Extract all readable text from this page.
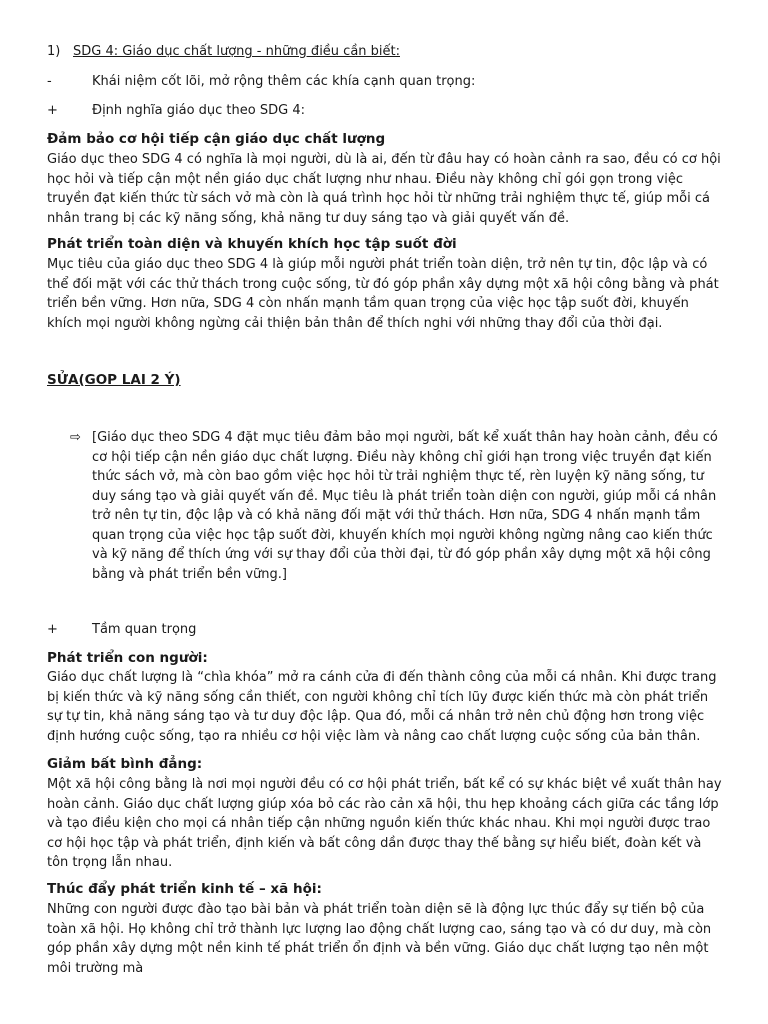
1) SDG 4: Giáo dục chất lượng - những điều cần biết:
-	Khái niệm cốt lõi, mở rộng thêm các khía cạnh quan trọng:
+	Định nghĩa giáo dục theo SDG 4:
Đảm bảo cơ hội tiếp cận giáo dục chất lượng
Giáo dục theo SDG 4 có nghĩa là mọi người, dù là ai, đến từ đâu hay có hoàn cảnh ra sao, đều có cơ hội học hỏi và tiếp cận một nền giáo dục chất lượng như nhau. Điều này không chỉ gói gọn trong việc truyền đạt kiến thức từ sách vở mà còn là quá trình học hỏi từ những trải nghiệm thực tế, giúp mỗi cá nhân trang bị các kỹ năng sống, khả năng tư duy sáng tạo và giải quyết vấn đề.
Phát triển toàn diện và khuyến khích học tập suốt đời
Mục tiêu của giáo dục theo SDG 4 là giúp mỗi người phát triển toàn diện, trở nên tự tin, độc lập và có thể đối mặt với các thử thách trong cuộc sống, từ đó góp phần xây dựng một xã hội công bằng và phát triển bền vững. Hơn nữa, SDG 4 còn nhấn mạnh tầm quan trọng của việc học tập suốt đời, khuyến khích mọi người không ngừng cải thiện bản thân để thích nghi với những thay đổi của thời đại.
SỬA(GOP LAI 2 Ý)
⇨ [Giáo dục theo SDG 4 đặt mục tiêu đảm bảo mọi người, bất kể xuất thân hay hoàn cảnh, đều có cơ hội tiếp cận nền giáo dục chất lượng. Điều này không chỉ giới hạn trong việc truyền đạt kiến thức sách vở, mà còn bao gồm việc học hỏi từ trải nghiệm thực tế, rèn luyện kỹ năng sống, tư duy sáng tạo và giải quyết vấn đề. Mục tiêu là phát triển toàn diện con người, giúp mỗi cá nhân trở nên tự tin, độc lập và có khả năng đối mặt với thử thách. Hơn nữa, SDG 4 nhấn mạnh tầm quan trọng của việc học tập suốt đời, khuyến khích mọi người không ngừng nâng cao kiến thức và kỹ năng để thích ứng với sự thay đổi của thời đại, từ đó góp phần xây dựng một xã hội công bằng và phát triển bền vững.]
+	Tầm quan trọng
Phát triển con người:
Giáo dục chất lượng là “chìa khóa” mở ra cánh cửa đi đến thành công của mỗi cá nhân. Khi được trang bị kiến thức và kỹ năng sống cần thiết, con người không chỉ tích lũy được kiến thức mà còn phát triển sự tự tin, khả năng sáng tạo và tư duy độc lập. Qua đó, mỗi cá nhân trở nên chủ động hơn trong việc định hướng cuộc sống, tạo ra nhiều cơ hội việc làm và nâng cao chất lượng cuộc sống của bản thân.
Giảm bất bình đẳng:
Một xã hội công bằng là nơi mọi người đều có cơ hội phát triển, bất kể có sự khác biệt về xuất thân hay hoàn cảnh. Giáo dục chất lượng giúp xóa bỏ các rào cản xã hội, thu hẹp khoảng cách giữa các tầng lớp và tạo điều kiện cho mọi cá nhân tiếp cận những nguồn kiến thức khác nhau. Khi mọi người được trao cơ hội học tập và phát triển, định kiến và bất công dần được thay thế bằng sự hiểu biết, đoàn kết và tôn trọng lẫn nhau.
Thúc đẩy phát triển kinh tế – xã hội:
Những con người được đào tạo bài bản và phát triển toàn diện sẽ là động lực thúc đẩy sự tiến bộ của toàn xã hội. Họ không chỉ trở thành lực lượng lao động chất lượng cao, sáng tạo và có dư duy, mà còn góp phần xây dựng một nền kinh tế phát triển ổn định và bền vững. Giáo dục chất lượng tạo nên một môi trường mà
